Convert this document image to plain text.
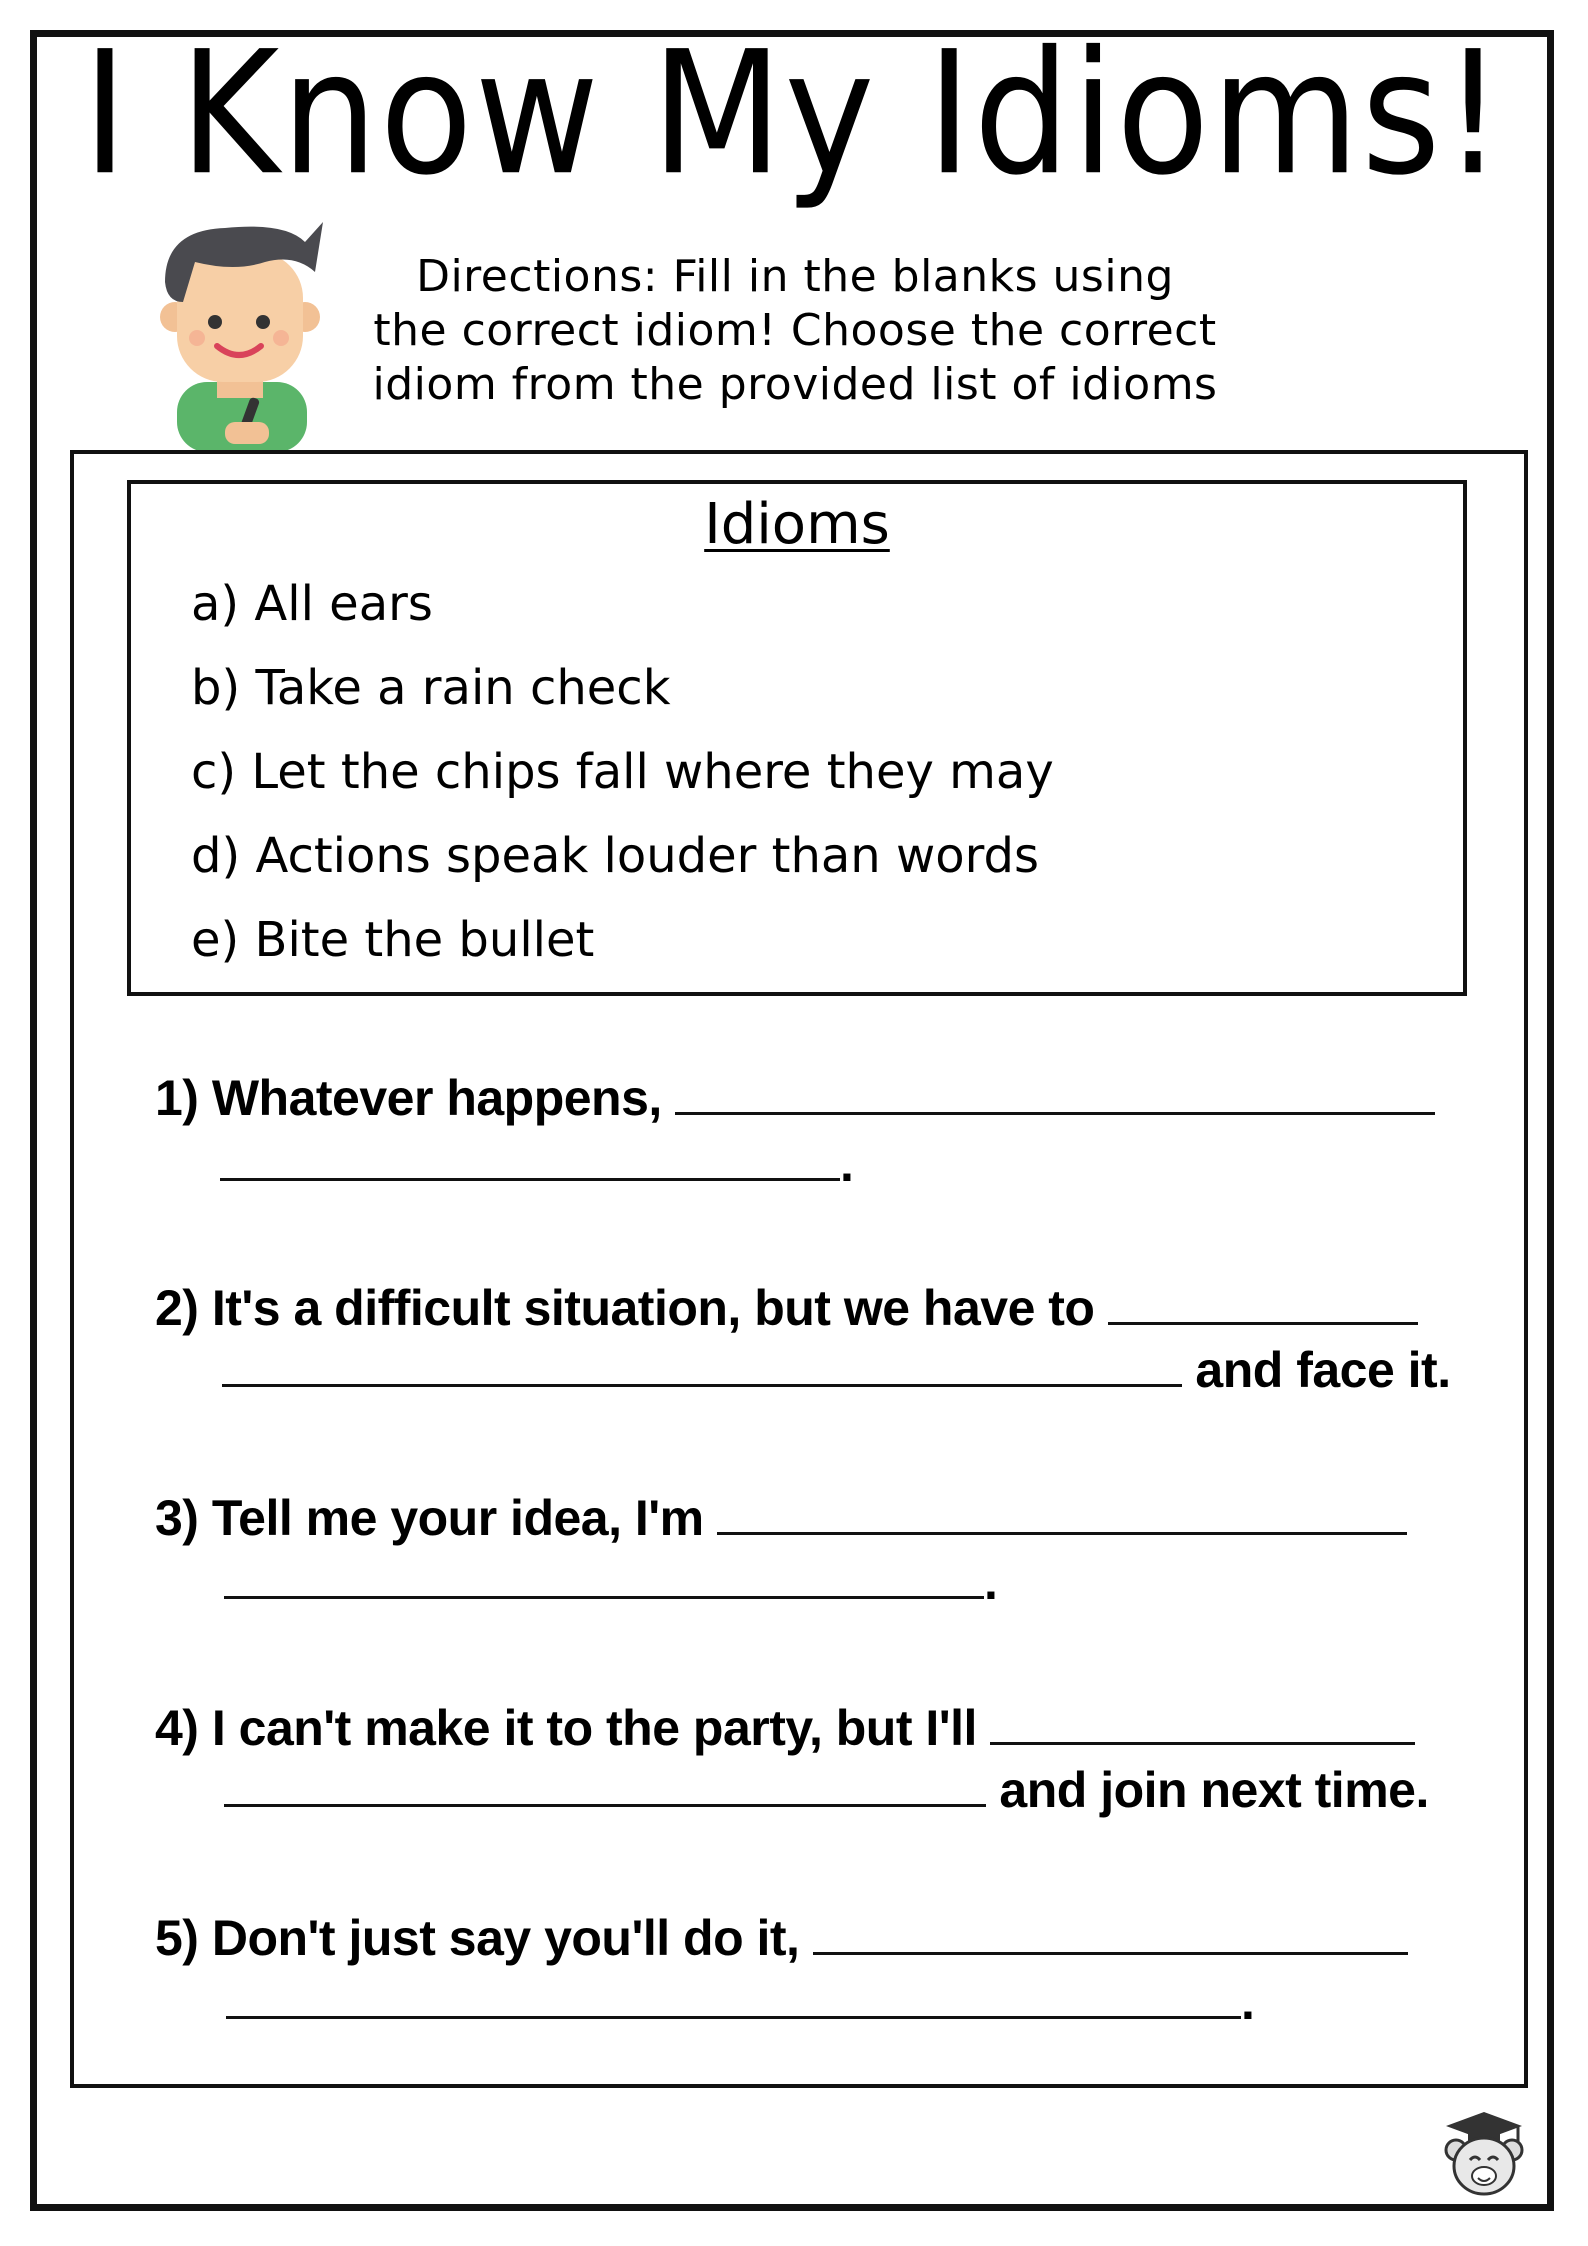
I Know My Idioms!
Directions: Fill in the blanks using
the correct idiom! Choose the correct
idiom from the provided list of idioms
Idioms
a) All ears
b) Take a rain check
c) Let the chips fall where they may
d) Actions speak louder than words
e) Bite the bullet
1) Whatever happens,
.
2) It's a difficult situation, but we have to
and face it.
3) Tell me your idea, I'm
.
4) I can't make it to the party, but I'll
and join next time.
5) Don't just say you'll do it,
.
